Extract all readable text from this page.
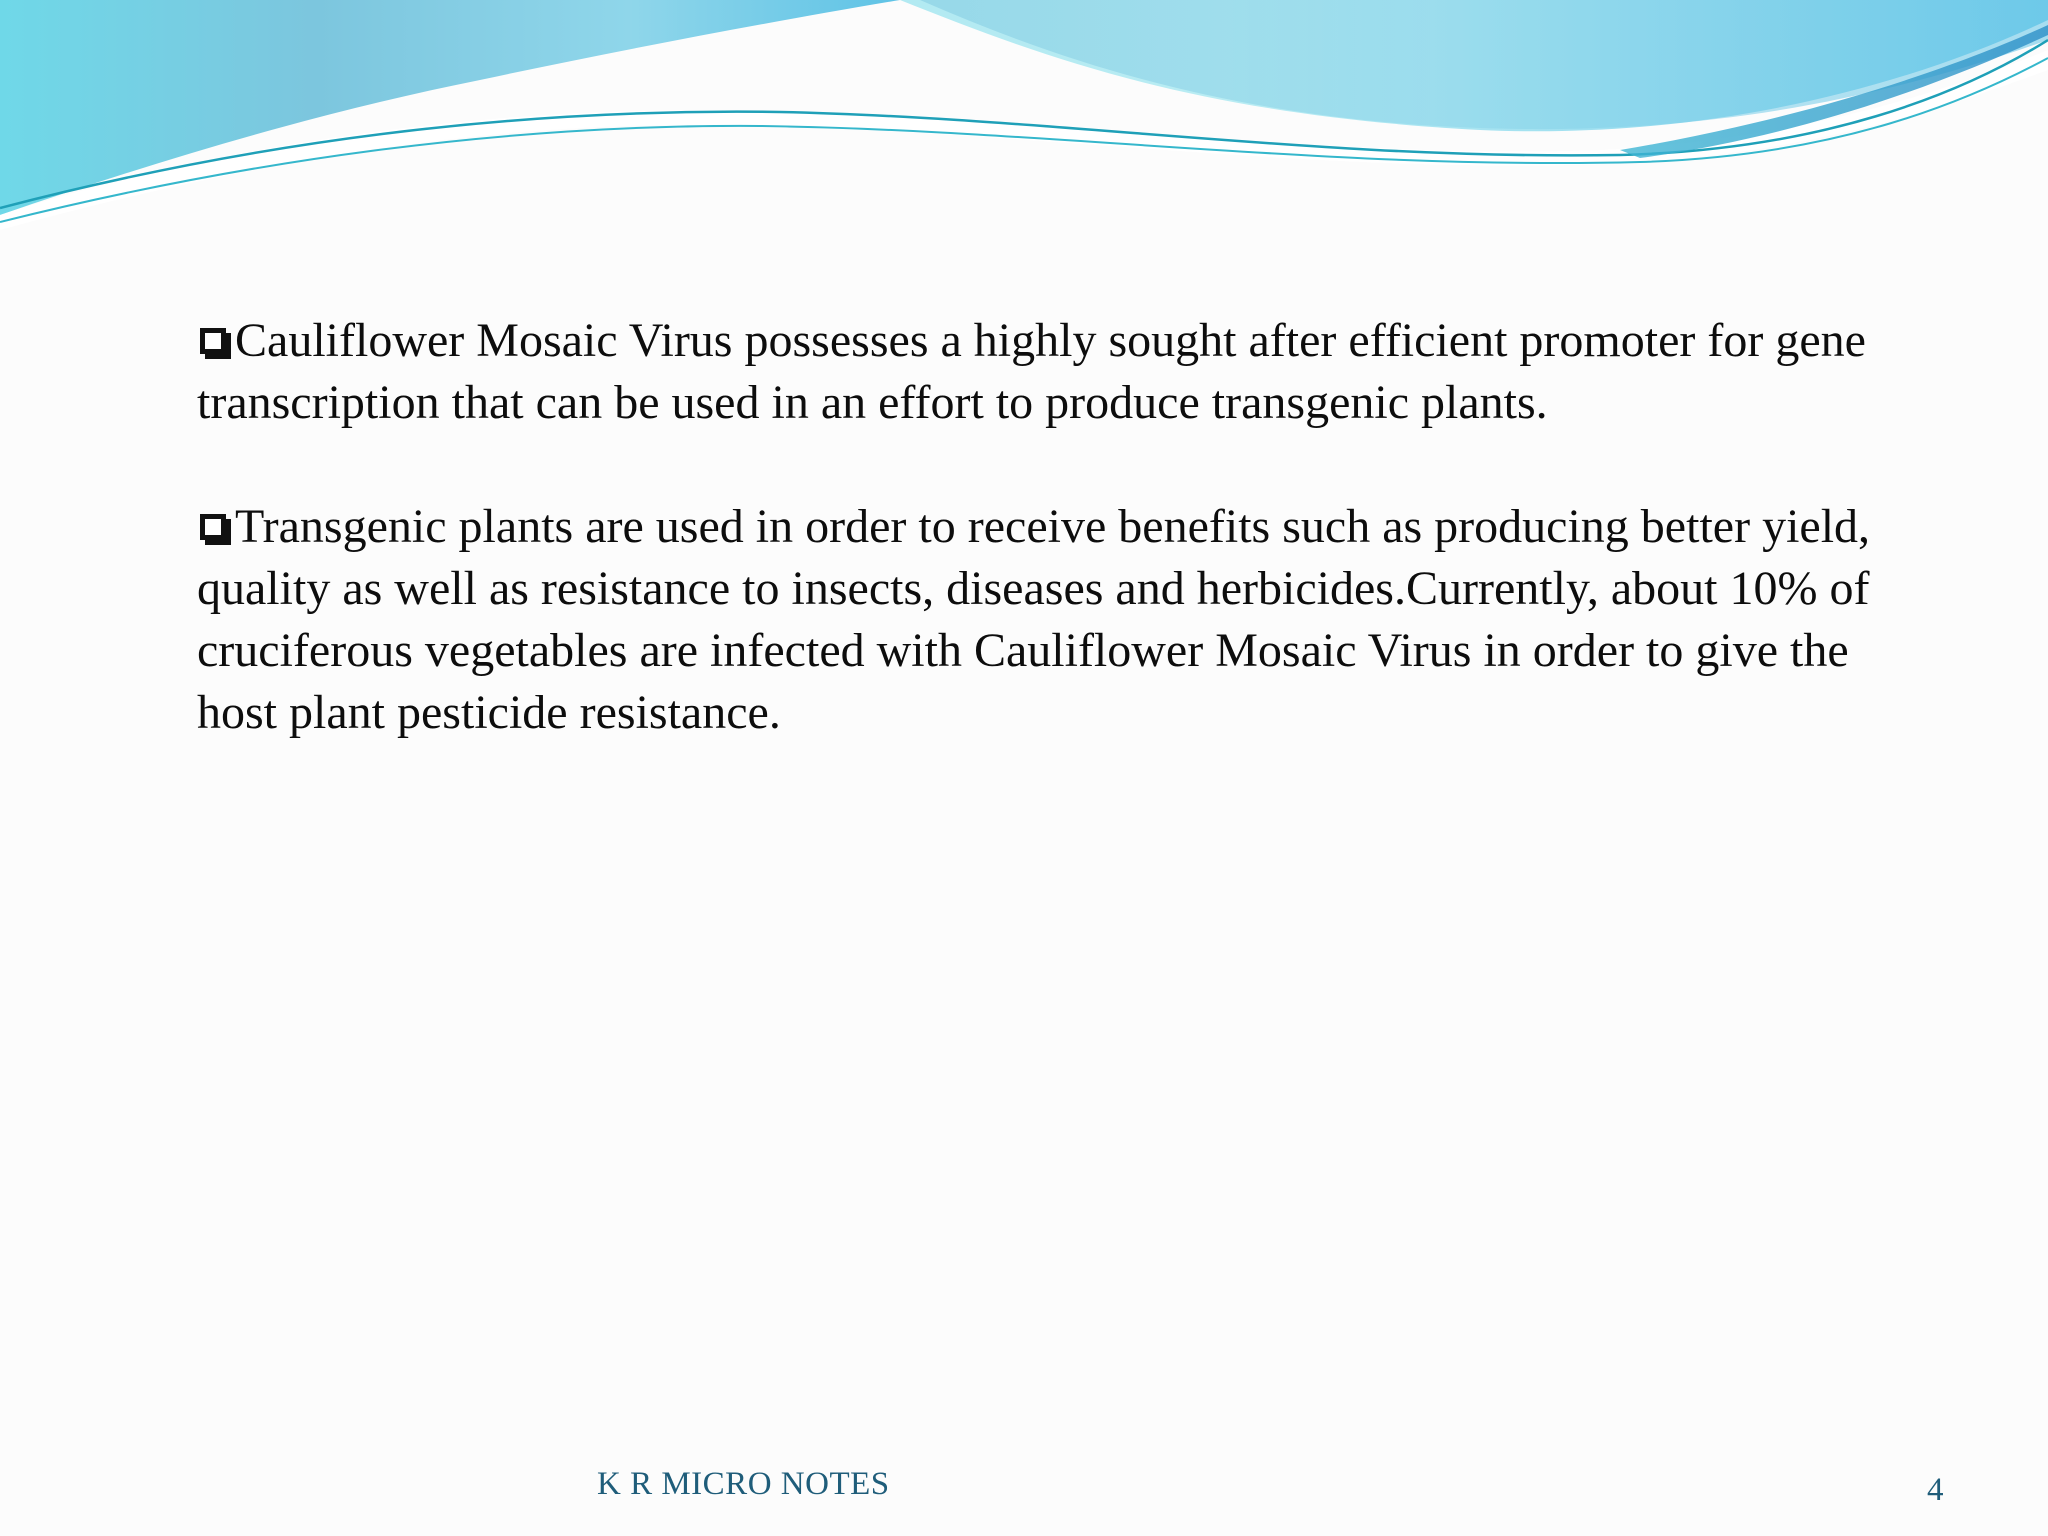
Cauliflower Mosaic Virus possesses a highly sought after efficient promoter for gene transcription that can be used in an effort to produce transgenic plants.

Transgenic plants are used in order to receive benefits such as producing better yield, quality as well as resistance to insects, diseases and herbicides.Currently, about 10% of cruciferous vegetables are infected with Cauliflower Mosaic Virus in order to give the host plant pesticide resistance.

K R MICRO NOTES	4
